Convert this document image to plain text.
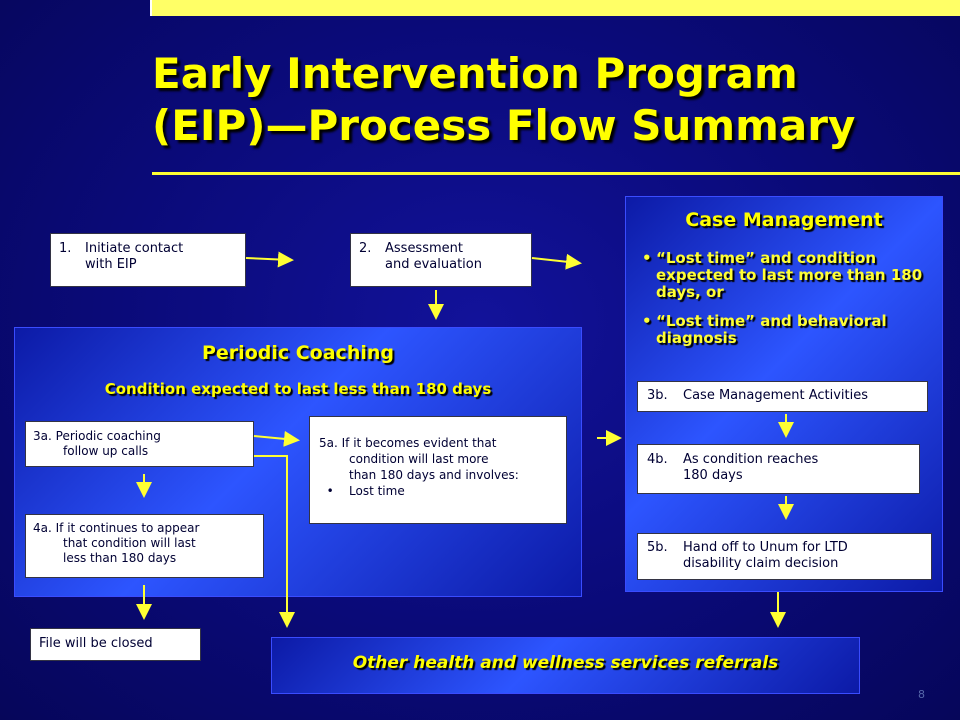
Early Intervention Program
(EIP)—Process Flow Summary
Periodic Coaching
Condition expected to last less than 180 days
Case Management
• “Lost time” and condition expected to last more than 180 days, or
• “Lost time” and behavioral diagnosis
1. Initiate contact
with EIP
2. Assessment
and evaluation
3a. Periodic coaching
follow up calls
4a. If it continues to appear
that condition will last
less than 180 days
5a. If it becomes evident that
condition will last more
than 180 days and involves:
• Lost time
3b. Case Management Activities
4b. As condition reaches
180 days
5b. Hand off to Unum for LTD
disability claim decision
File will be closed
Other health and wellness services referrals
8
